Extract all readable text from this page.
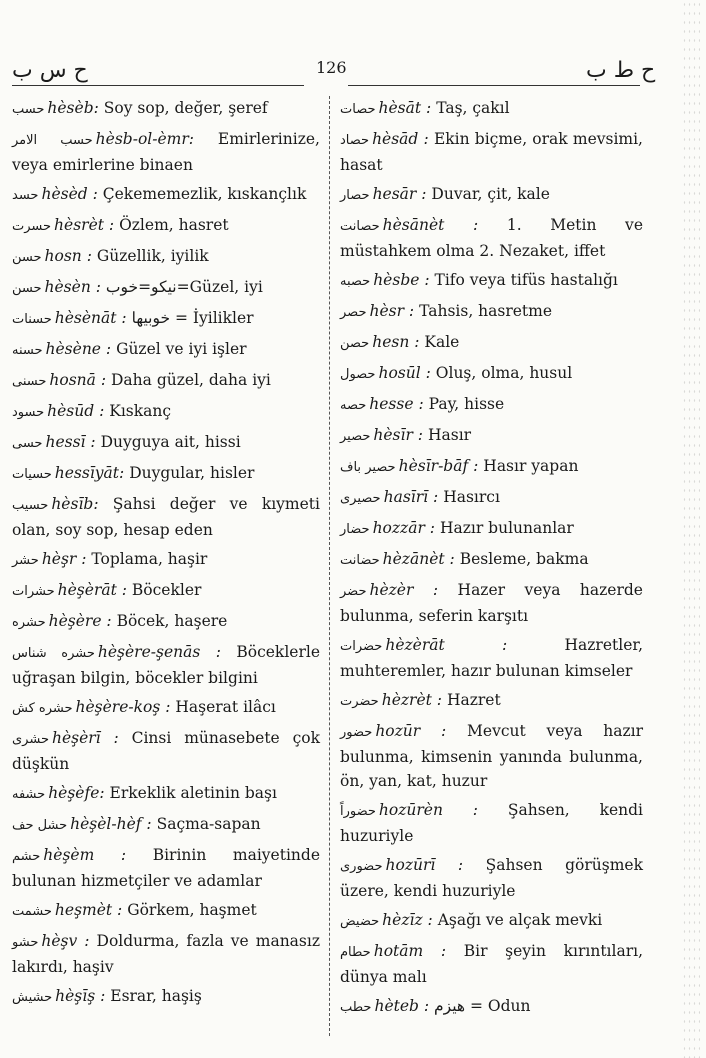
ح س ب	126	ح ط ب
حسب hèsèb: Soy sop, değer, şeref
حسب الامر hèsb-ol-èmr: Emirlerinize, veya emirlerine binaen
حسد hèsèd : Çekememezlik, kıskançlık
حسرت hèsrèt : Özlem, hasret
حسن hosn : Güzellik, iyilik
حسن hèsèn : نيكو=خوب=Güzel, iyi
حسنات hèsènāt : خوبيها = İyilikler
حسنه hèsène : Güzel ve iyi işler
حسنى hosnā : Daha güzel, daha iyi
حسود hèsūd : Kıskanç
حسى hessī : Duyguya ait, hissi
حسيات hessīyāt: Duygular, hisler
حسيب hèsīb: Şahsi değer ve kıymeti olan, soy sop, hesap eden
حشر hèşr : Toplama, haşir
حشرات hèşèrāt : Böcekler
حشره hèşère : Böcek, haşere
حشره شناس hèşère-şenās : Böceklerle uğraşan bilgin, böcekler bilgini
حشره كش hèşère-koş : Haşerat ilâcı
حشرى hèşèrī : Cinsi münasebete çok düşkün
حشفه hèşèfe: Erkeklik aletinin başı
حشل حف hèşèl-hèf : Saçma-sapan
حشم hèşèm : Birinin maiyetinde bulunan hizmetçiler ve adamlar
حشمت heşmèt : Görkem, haşmet
حشو hèşv : Doldurma, fazla ve manasız lakırdı, haşiv
حشيش hèşīş : Esrar, haşiş
حصات hèsāt : Taş, çakıl
حصاد hèsād : Ekin biçme, orak mevsimi, hasat
حصار hesār : Duvar, çit, kale
حصانت hèsānèt : 1. Metin ve müstahkem olma 2. Nezaket, iffet
حصبه hèsbe : Tifo veya tifüs hastalığı
حصر hèsr : Tahsis, hasretme
حصن hesn : Kale
حصول hosūl : Oluş, olma, husul
حصه hesse : Pay, hisse
حصير hèsīr : Hasır
حصير باف hèsīr-bāf : Hasır yapan
حصيرى hasīrī : Hasırcı
حضار hozzār : Hazır bulunanlar
حضانت hèzānèt : Besleme, bakma
حضر hèzèr : Hazer veya hazerde bulunma, seferin karşıtı
حضرات hèzèrāt :	Hazretler, muhteremler, hazır bulunan kimseler
حضرت hèzrèt : Hazret
حضور hozūr : Mevcut veya hazır bulunma, kimsenin yanında bulunma, ön, yan, kat, huzur
حضوراً hozūrèn : Şahsen, kendi huzuriyle
حضورى hozūrī : Şahsen görüşmek üzere, kendi huzuriyle
حضيض hèzīz : Aşağı ve alçak mevki
حطام hotām : Bir şeyin kırıntıları, dünya malı
حطب hèteb : هيزم = Odun
